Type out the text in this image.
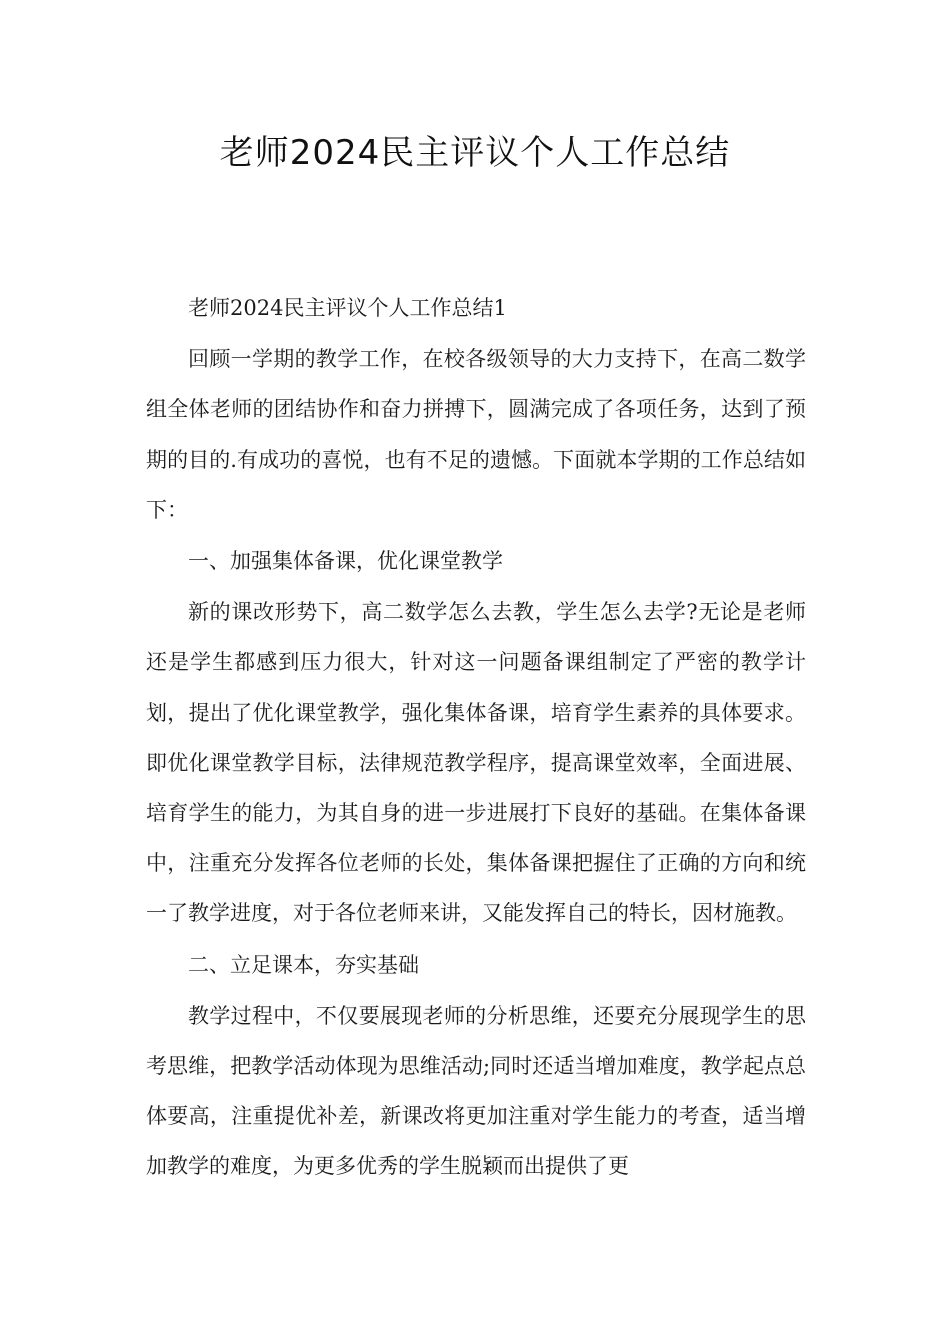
老师2024民主评议个人工作总结

老师2024民主评议个人工作总结1

回顾一学期的教学工作，在校各级领导的大力支持下，在高二数学组全体老师的团结协作和奋力拼搏下，圆满完成了各项任务，达到了预期的目的.有成功的喜悦，也有不足的遗憾。下面就本学期的工作总结如下：

一、加强集体备课，优化课堂教学

新的课改形势下，高二数学怎么去教，学生怎么去学?无论是老师还是学生都感到压力很大，针对这一问题备课组制定了严密的教学计划，提出了优化课堂教学，强化集体备课，培育学生素养的具体要求。即优化课堂教学目标，法律规范教学程序，提高课堂效率，全面进展、培育学生的能力，为其自身的进一步进展打下良好的基础。在集体备课中，注重充分发挥各位老师的长处，集体备课把握住了正确的方向和统一了教学进度，对于各位老师来讲，又能发挥自己的特长，因材施教。

二、立足课本，夯实基础

教学过程中，不仅要展现老师的分析思维，还要充分展现学生的思考思维，把教学活动体现为思维活动;同时还适当增加难度，教学起点总体要高，注重提优补差，新课改将更加注重对学生能力的考查，适当增加教学的难度，为更多优秀的学生脱颖而出提供了更
